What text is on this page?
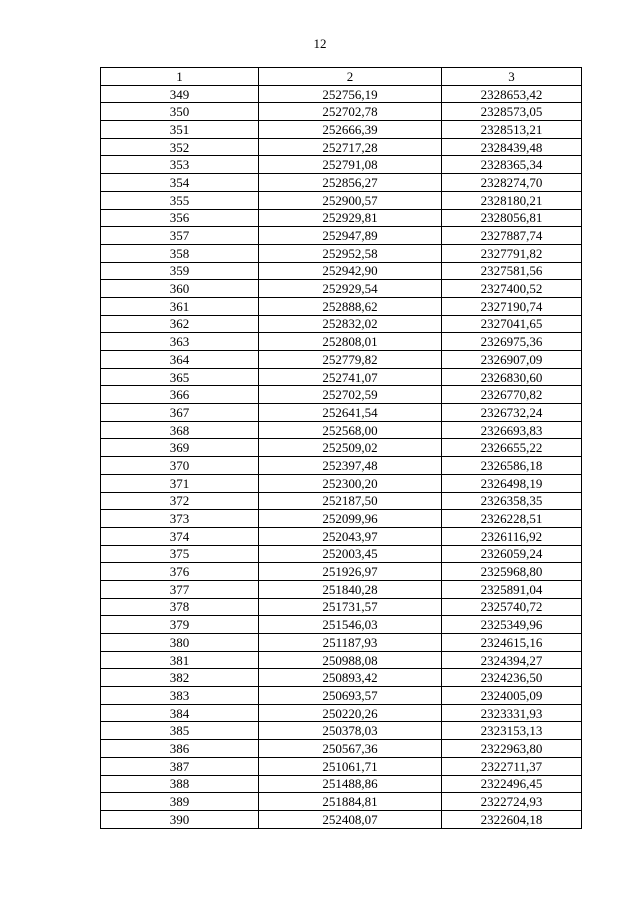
12
1	2	3
349	252756,19	2328653,42
350	252702,78	2328573,05
351	252666,39	2328513,21
352	252717,28	2328439,48
353	252791,08	2328365,34
354	252856,27	2328274,70
355	252900,57	2328180,21
356	252929,81	2328056,81
357	252947,89	2327887,74
358	252952,58	2327791,82
359	252942,90	2327581,56
360	252929,54	2327400,52
361	252888,62	2327190,74
362	252832,02	2327041,65
363	252808,01	2326975,36
364	252779,82	2326907,09
365	252741,07	2326830,60
366	252702,59	2326770,82
367	252641,54	2326732,24
368	252568,00	2326693,83
369	252509,02	2326655,22
370	252397,48	2326586,18
371	252300,20	2326498,19
372	252187,50	2326358,35
373	252099,96	2326228,51
374	252043,97	2326116,92
375	252003,45	2326059,24
376	251926,97	2325968,80
377	251840,28	2325891,04
378	251731,57	2325740,72
379	251546,03	2325349,96
380	251187,93	2324615,16
381	250988,08	2324394,27
382	250893,42	2324236,50
383	250693,57	2324005,09
384	250220,26	2323331,93
385	250378,03	2323153,13
386	250567,36	2322963,80
387	251061,71	2322711,37
388	251488,86	2322496,45
389	251884,81	2322724,93
390	252408,07	2322604,18
